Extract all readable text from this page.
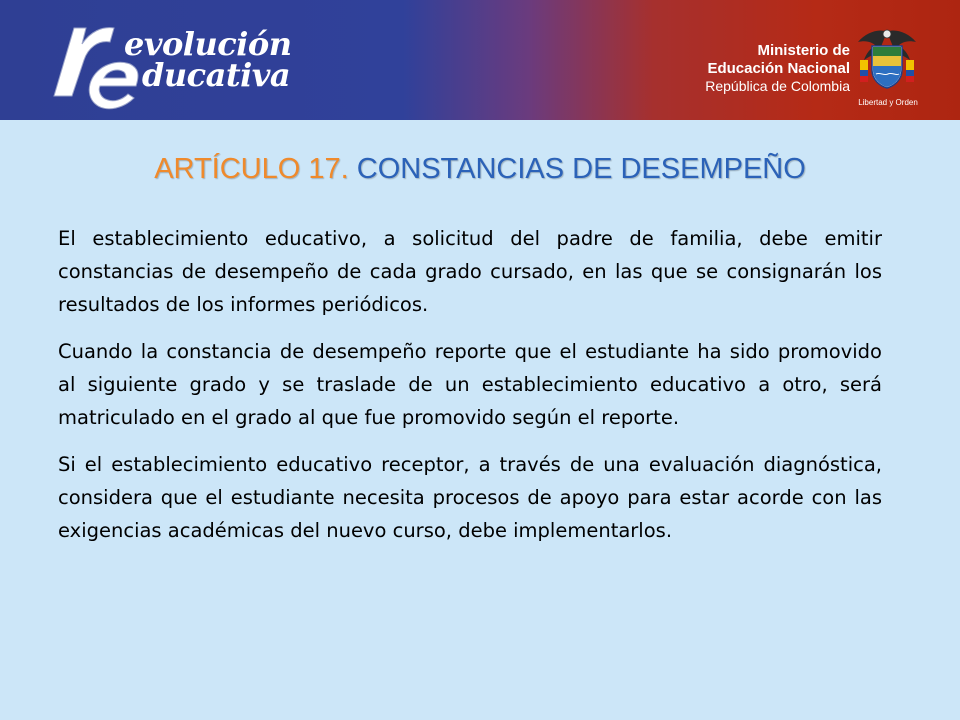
evolución
ducativa
Ministerio de
Educación Nacional
República de Colombia
Libertad y Orden
ARTÍCULO 17. CONSTANCIAS DE DESEMPEÑO

El establecimiento educativo, a solicitud del padre de familia, debe emitir constancias de desempeño de cada grado cursado, en las que se consignarán los resultados de los informes periódicos.

Cuando la constancia de desempeño reporte que el estudiante ha sido promovido al siguiente grado y se traslade de un establecimiento educativo a otro, será matriculado en el grado al que fue promovido según el reporte.

Si el establecimiento educativo receptor, a través de una evaluación diagnóstica, considera que el estudiante necesita procesos de apoyo para estar acorde con las exigencias académicas del nuevo curso, debe implementarlos.
